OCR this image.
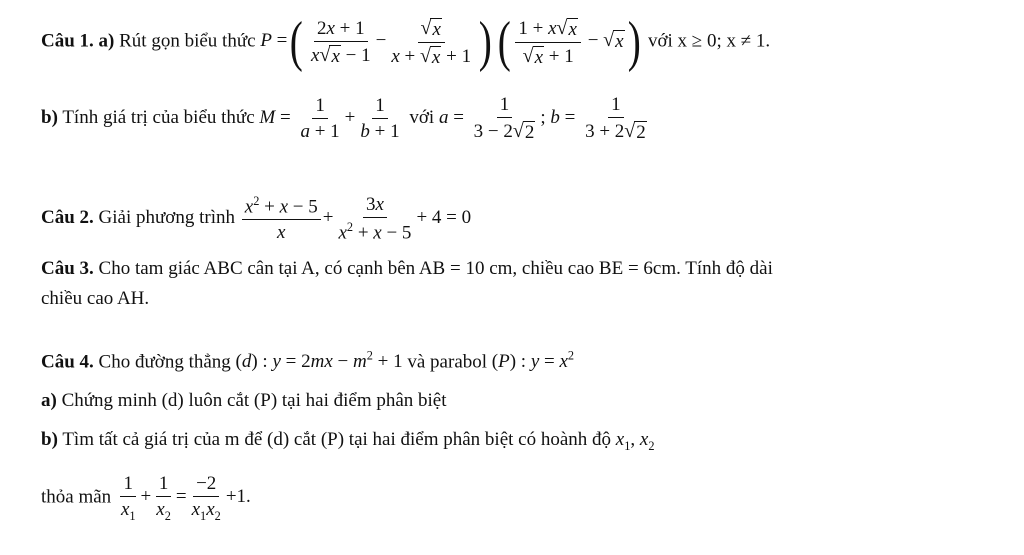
Câu 1. a) Rút gọn biểu thức P =( $\frac{2x + 1}{x √ x - 1} - \frac{√ x}{x + √ x + 1}$ )( $\frac{1 + x √ x}{√ x + 1}$ − √ x ) với x ≥ 0; x ≠ 1.
b) Tính giá trị của biểu thức $M = \frac{1}{a + 1} + \frac{1}{b + 1}$ với $a = \frac{1}{3 - 2 √ 2}$ ; $b = \frac{1}{3 + 2 √ 2}$
Câu 2. Giải phương trình $\frac{x^2 + x - 5}{x} + \frac{3x}{x^2 + x - 5} + 4 = 0$
Câu 3. Cho tam giác ABC cân tại A, có cạnh bên AB = 10 cm, chiều cao BE = 6cm. Tính độ dài
chiều cao AH.
Câu 4. Cho đường thẳng (d) : $y = 2mx - m^2 + 1$ và parabol (P) : $y = x^2$
a) Chứng minh (d) luôn cắt (P) tại hai điểm phân biệt
b) Tìm tất cả giá trị của m để (d) cắt (P) tại hai điểm phân biệt có hoành độ $x_1$, $x_2$
thỏa mãn $\frac{1}{x_1} + \frac{1}{x_2} = \frac{-2}{x_1x_2} +1$.
